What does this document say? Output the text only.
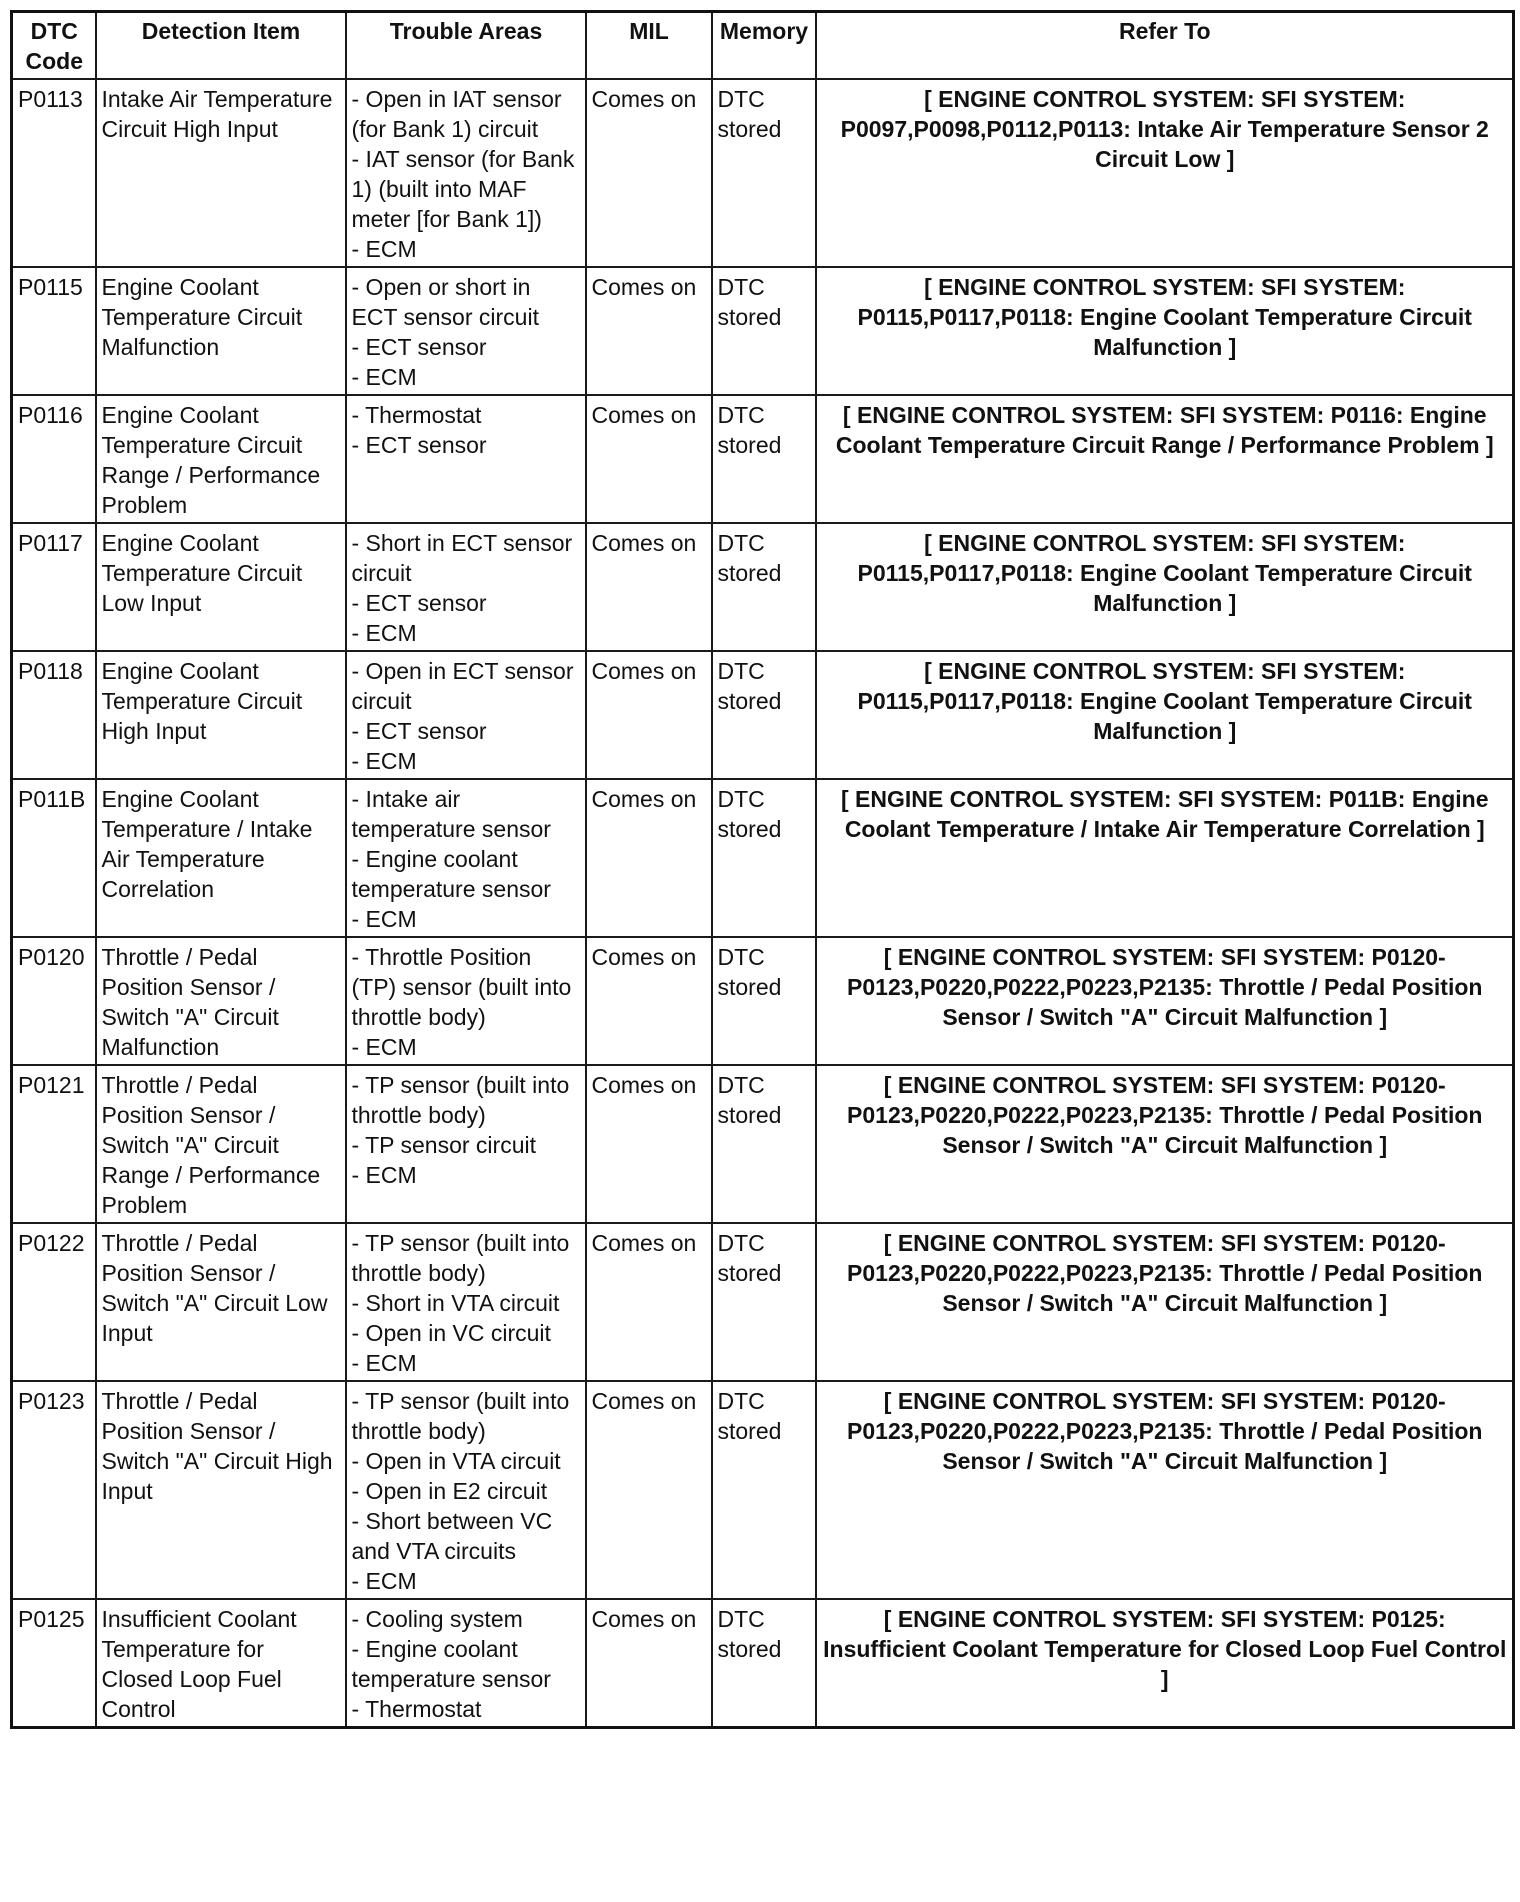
DTC Code	Detection Item	Trouble Areas	MIL	Memory	Refer To
P0113	Intake Air Temperature Circuit High Input	- Open in IAT sensor (for Bank 1) circuit
- IAT sensor (for Bank 1) (built into MAF meter [for Bank 1])
- ECM	Comes on	DTC stored	[ ENGINE CONTROL SYSTEM: SFI SYSTEM: P0097,P0098,P0112,P0113: Intake Air Temperature Sensor 2 Circuit Low ]
P0115	Engine Coolant Temperature Circuit Malfunction	- Open or short in ECT sensor circuit
- ECT sensor
- ECM	Comes on	DTC stored	[ ENGINE CONTROL SYSTEM: SFI SYSTEM: P0115,P0117,P0118: Engine Coolant Temperature Circuit Malfunction ]
P0116	Engine Coolant Temperature Circuit Range / Performance Problem	- Thermostat
- ECT sensor	Comes on	DTC stored	[ ENGINE CONTROL SYSTEM: SFI SYSTEM: P0116: Engine Coolant Temperature Circuit Range / Performance Problem ]
P0117	Engine Coolant Temperature Circuit Low Input	- Short in ECT sensor circuit
- ECT sensor
- ECM	Comes on	DTC stored	[ ENGINE CONTROL SYSTEM: SFI SYSTEM: P0115,P0117,P0118: Engine Coolant Temperature Circuit Malfunction ]
P0118	Engine Coolant Temperature Circuit High Input	- Open in ECT sensor circuit
- ECT sensor
- ECM	Comes on	DTC stored	[ ENGINE CONTROL SYSTEM: SFI SYSTEM: P0115,P0117,P0118: Engine Coolant Temperature Circuit Malfunction ]
P011B	Engine Coolant Temperature / Intake Air Temperature Correlation	- Intake air temperature sensor
- Engine coolant temperature sensor
- ECM	Comes on	DTC stored	[ ENGINE CONTROL SYSTEM: SFI SYSTEM: P011B: Engine Coolant Temperature / Intake Air Temperature Correlation ]
P0120	Throttle / Pedal Position Sensor / Switch "A" Circuit Malfunction	- Throttle Position (TP) sensor (built into throttle body)
- ECM	Comes on	DTC stored	[ ENGINE CONTROL SYSTEM: SFI SYSTEM: P0120-P0123,P0220,P0222,P0223,P2135: Throttle / Pedal Position Sensor / Switch "A" Circuit Malfunction ]
P0121	Throttle / Pedal Position Sensor / Switch "A" Circuit Range / Performance Problem	- TP sensor (built into throttle body)
- TP sensor circuit
- ECM	Comes on	DTC stored	[ ENGINE CONTROL SYSTEM: SFI SYSTEM: P0120-P0123,P0220,P0222,P0223,P2135: Throttle / Pedal Position Sensor / Switch "A" Circuit Malfunction ]
P0122	Throttle / Pedal Position Sensor / Switch "A" Circuit Low Input	- TP sensor (built into throttle body)
- Short in VTA circuit
- Open in VC circuit
- ECM	Comes on	DTC stored	[ ENGINE CONTROL SYSTEM: SFI SYSTEM: P0120-P0123,P0220,P0222,P0223,P2135: Throttle / Pedal Position Sensor / Switch "A" Circuit Malfunction ]
P0123	Throttle / Pedal Position Sensor / Switch "A" Circuit High Input	- TP sensor (built into throttle body)
- Open in VTA circuit
- Open in E2 circuit
- Short between VC and VTA circuits
- ECM	Comes on	DTC stored	[ ENGINE CONTROL SYSTEM: SFI SYSTEM: P0120-P0123,P0220,P0222,P0223,P2135: Throttle / Pedal Position Sensor / Switch "A" Circuit Malfunction ]
P0125	Insufficient Coolant Temperature for Closed Loop Fuel Control	- Cooling system
- Engine coolant temperature sensor
- Thermostat	Comes on	DTC stored	[ ENGINE CONTROL SYSTEM: SFI SYSTEM: P0125: Insufficient Coolant Temperature for Closed Loop Fuel Control ]
